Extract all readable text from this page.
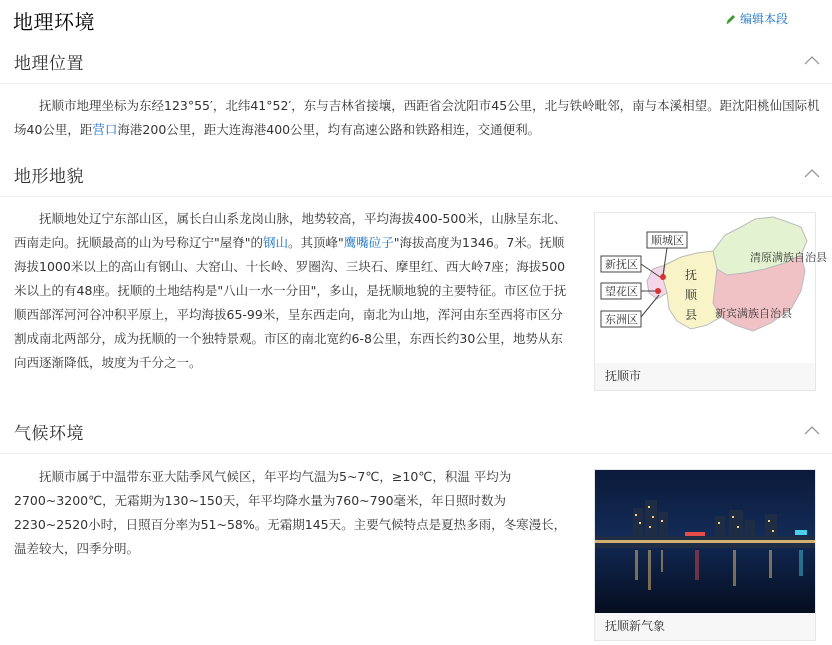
地理环境	编辑本段
地理位置

抚顺市地理坐标为东经123°55′，北纬41°52′，东与吉林省接壤，西距省会沈阳市45公里，北与铁岭毗邻，南与本溪相望。距沈阳桃仙国际机场40公里，距营口海港200公里，距大连海港400公里，均有高速公路和铁路相连，交通便利。

地形地貌

抚顺地处辽宁东部山区，属长白山系龙岗山脉，地势较高，平均海拔400-500米，山脉呈东北、西南走向。抚顺最高的山为号称辽宁"屋脊"的钢山。其顶峰"鹰嘴砬子"海拔高度为1346。7米。抚顺海拔1000米以上的高山有钢山、大窑山、十长岭、罗圈沟、三块石、摩里红、西大岭7座；海拔500米以上的有48座。抚顺的土地结构是"八山一水一分田"，多山，是抚顺地貌的主要特征。市区位于抚顺西部浑河河谷冲积平原上，平均海拔65-99米，呈东西走向，南北为山地，浑河由东至西将市区分割成南北两部分，成为抚顺的一个独特景观。市区的南北宽约6-8公里，东西长约30公里，地势从东向西逐渐降低，坡度为千分之一。

清原满族自治县
新宾满族自治县
抚
顺
县
顺城区
新抚区
望花区
东洲区
抚顺市
气候环境

抚顺市属于中温带东亚大陆季风气候区，年平均气温为5~7℃，≥10℃，积温 平均为2700~3200℃，无霜期为130~150天，年平均降水量为760~790毫米，年日照时数为2230~2520小时，日照百分率为51~58%。无霜期145天。主要气候特点是夏热多雨，冬寒漫长，温差较大，四季分明。

抚顺新气象
